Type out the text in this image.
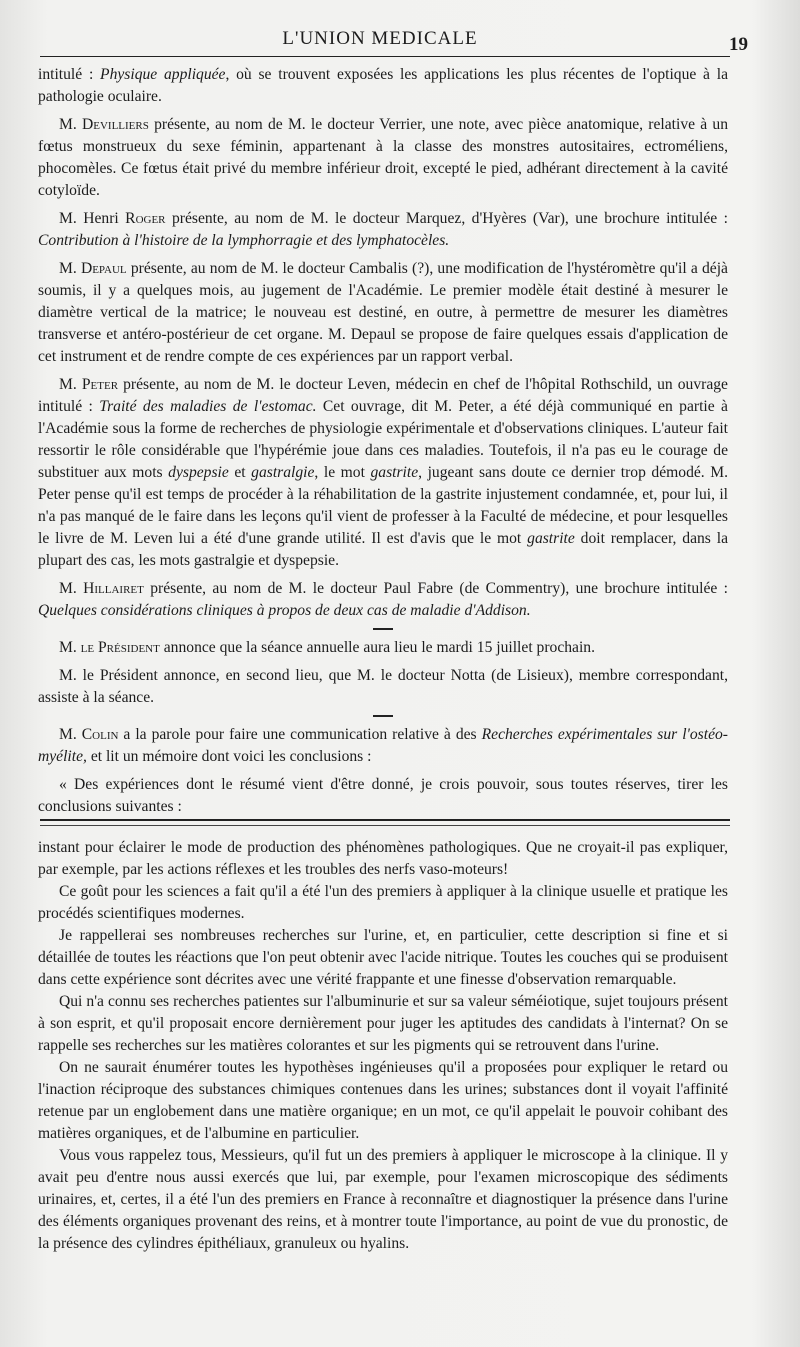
L'UNION MEDICALE	19

intitulé : Physique appliquée, où se trouvent exposées les applications les plus récentes de l'optique à la pathologie oculaire.

M. Devilliers présente, au nom de M. le docteur Verrier, une note, avec pièce anatomique, relative à un fœtus monstrueux du sexe féminin, appartenant à la classe des monstres autositaires, ectroméliens, phocomèles. Ce fœtus était privé du membre inférieur droit, excepté le pied, adhérant directement à la cavité cotyloïde.

M. Henri Roger présente, au nom de M. le docteur Marquez, d'Hyères (Var), une brochure intitulée : Contribution à l'histoire de la lymphorragie et des lymphatocèles.

M. Depaul présente, au nom de M. le docteur Cambalis (?), une modification de l'hystéromètre qu'il a déjà soumis, il y a quelques mois, au jugement de l'Académie. Le premier modèle était destiné à mesurer le diamètre vertical de la matrice; le nouveau est destiné, en outre, à permettre de mesurer les diamètres transverse et antéro-postérieur de cet organe. M. Depaul se propose de faire quelques essais d'application de cet instrument et de rendre compte de ces expériences par un rapport verbal.

M. Peter présente, au nom de M. le docteur Leven, médecin en chef de l'hôpital Rothschild, un ouvrage intitulé : Traité des maladies de l'estomac. Cet ouvrage, dit M. Peter, a été déjà communiqué en partie à l'Académie sous la forme de recherches de physiologie expérimentale et d'observations cliniques. L'auteur fait ressortir le rôle considérable que l'hypérémie joue dans ces maladies. Toutefois, il n'a pas eu le courage de substituer aux mots dyspepsie et gastralgie, le mot gastrite, jugeant sans doute ce dernier trop démodé. M. Peter pense qu'il est temps de procéder à la réhabilitation de la gastrite injustement condamnée, et, pour lui, il n'a pas manqué de le faire dans les leçons qu'il vient de professer à la Faculté de médecine, et pour lesquelles le livre de M. Leven lui a été d'une grande utilité. Il est d'avis que le mot gastrite doit remplacer, dans la plupart des cas, les mots gastralgie et dyspepsie.

M. Hillairet présente, au nom de M. le docteur Paul Fabre (de Commentry), une brochure intitulée : Quelques considérations cliniques à propos de deux cas de maladie d'Addison.

M. le Président annonce que la séance annuelle aura lieu le mardi 15 juillet prochain.

M. le Président annonce, en second lieu, que M. le docteur Notta (de Lisieux), membre correspondant, assiste à la séance.

M. Colin a la parole pour faire une communication relative à des Recherches expérimentales sur l'ostéo-myélite, et lit un mémoire dont voici les conclusions :

« Des expériences dont le résumé vient d'être donné, je crois pouvoir, sous toutes réserves, tirer les conclusions suivantes :

instant pour éclairer le mode de production des phénomènes pathologiques. Que ne croyait-il pas expliquer, par exemple, par les actions réflexes et les troubles des nerfs vaso-moteurs!

Ce goût pour les sciences a fait qu'il a été l'un des premiers à appliquer à la clinique usuelle et pratique les procédés scientifiques modernes.

Je rappellerai ses nombreuses recherches sur l'urine, et, en particulier, cette description si fine et si détaillée de toutes les réactions que l'on peut obtenir avec l'acide nitrique. Toutes les couches qui se produisent dans cette expérience sont décrites avec une vérité frappante et une finesse d'observation remarquable.

Qui n'a connu ses recherches patientes sur l'albuminurie et sur sa valeur séméiotique, sujet toujours présent à son esprit, et qu'il proposait encore dernièrement pour juger les aptitudes des candidats à l'internat? On se rappelle ses recherches sur les matières colorantes et sur les pigments qui se retrouvent dans l'urine.

On ne saurait énumérer toutes les hypothèses ingénieuses qu'il a proposées pour expliquer le retard ou l'inaction réciproque des substances chimiques contenues dans les urines; substances dont il voyait l'affinité retenue par un englobement dans une matière organique; en un mot, ce qu'il appelait le pouvoir cohibant des matières organiques, et de l'albumine en particulier.

Vous vous rappelez tous, Messieurs, qu'il fut un des premiers à appliquer le microscope à la clinique. Il y avait peu d'entre nous aussi exercés que lui, par exemple, pour l'examen microscopique des sédiments urinaires, et, certes, il a été l'un des premiers en France à reconnaître et diagnostiquer la présence dans l'urine des éléments organiques provenant des reins, et à montrer toute l'importance, au point de vue du pronostic, de la présence des cylindres épithéliaux, granuleux ou hyalins.
